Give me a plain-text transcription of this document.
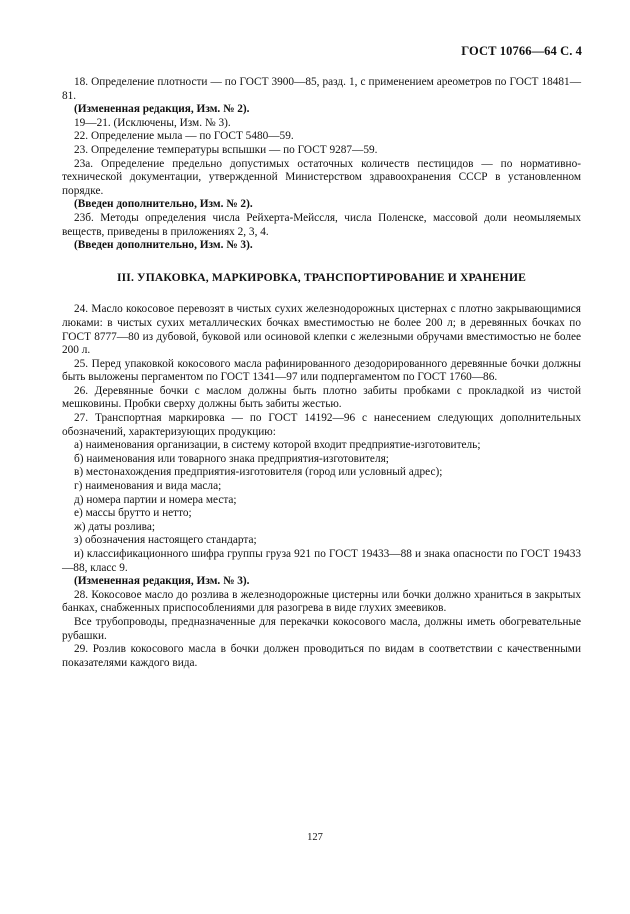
ГОСТ 10766—64 С. 4

18. Определение плотности — по ГОСТ 3900—85, разд. 1, с применением ареометров по ГОСТ 18481—81.

(Измененная редакция, Изм. № 2).

19—21. (Исключены, Изм. № 3).

22. Определение мыла — по ГОСТ 5480—59.

23. Определение температуры вспышки — по ГОСТ 9287—59.

23а. Определение предельно допустимых остаточных количеств пестицидов — по нормативно-технической документации, утвержденной Министерством здравоохранения СССР в установленном порядке.

(Введен дополнительно, Изм. № 2).

23б. Методы определения числа Рейхерта-Мейссля, числа Поленске, массовой доли неомыляемых веществ, приведены в приложениях 2, 3, 4.

(Введен дополнительно, Изм. № 3).

III. УПАКОВКА, МАРКИРОВКА, ТРАНСПОРТИРОВАНИЕ И ХРАНЕНИЕ

24. Масло кокосовое перевозят в чистых сухих железнодорожных цистернах с плотно закрывающимися люками: в чистых сухих металлических бочках вместимостью не более 200 л; в деревянных бочках по ГОСТ 8777—80 из дубовой, буковой или осиновой клепки с железными обручами вместимостью не более 200 л.

25. Перед упаковкой кокосового масла рафинированного дезодорированного деревянные бочки должны быть выложены пергаментом по ГОСТ 1341—97 или подпергаментом по ГОСТ 1760—86.

26. Деревянные бочки с маслом должны быть плотно забиты пробками с прокладкой из чистой мешковины. Пробки сверху должны быть забиты жестью.

27. Транспортная маркировка — по ГОСТ 14192—96 с нанесением следующих дополнительных обозначений, характеризующих продукцию:

а) наименования организации, в систему которой входит предприятие-изготовитель;

б) наименования или товарного знака предприятия-изготовителя;

в) местонахождения предприятия-изготовителя (город или условный адрес);

г) наименования и вида масла;

д) номера партии и номера места;

е) массы брутто и нетто;

ж) даты розлива;

з) обозначения настоящего стандарта;

и) классификационного шифра группы груза 921 по ГОСТ 19433—88 и знака опасности по ГОСТ 19433—88, класс 9.

(Измененная редакция, Изм. № 3).

28. Кокосовое масло до розлива в железнодорожные цистерны или бочки должно храниться в закрытых банках, снабженных приспособлениями для разогрева в виде глухих змеевиков.

Все трубопроводы, предназначенные для перекачки кокосового масла, должны иметь обогревательные рубашки.

29. Розлив кокосового масла в бочки должен проводиться по видам в соответствии с качественными показателями каждого вида.

127
